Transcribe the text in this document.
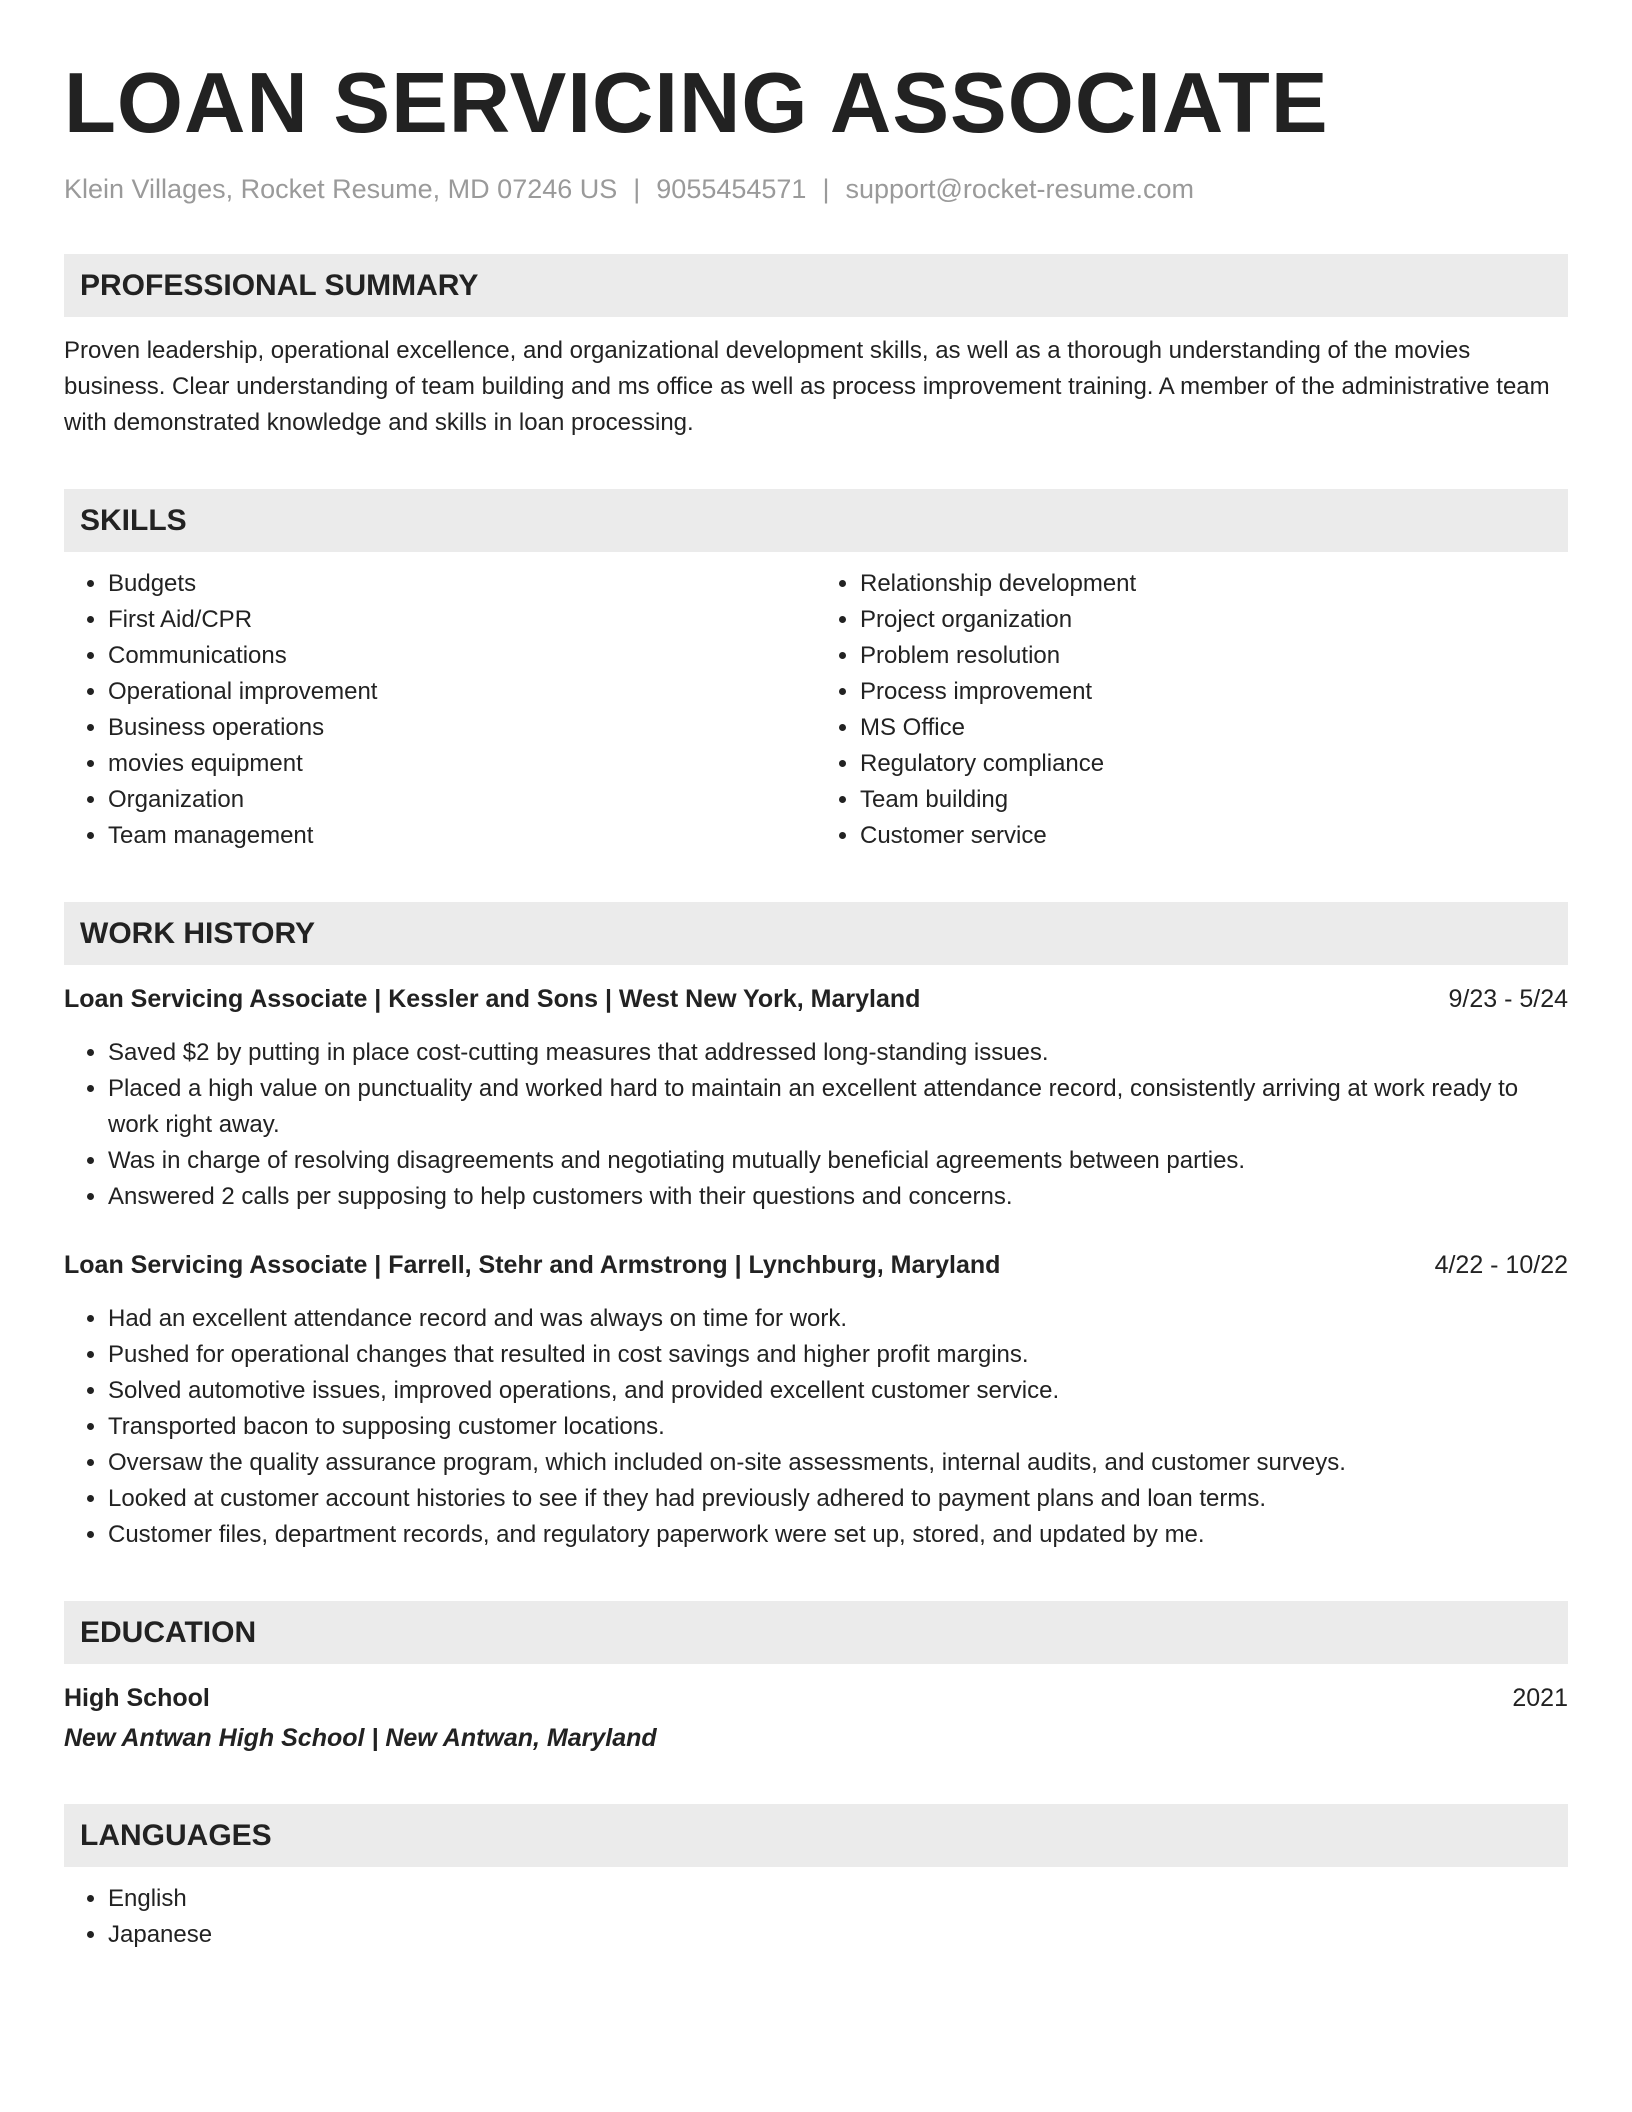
LOAN SERVICING ASSOCIATE
Klein Villages, Rocket Resume, MD 07246 US | 9055454571 | support@rocket-resume.com
PROFESSIONAL SUMMARY
Proven leadership, operational excellence, and organizational development skills, as well as a thorough understanding of the movies business. Clear understanding of team building and ms office as well as process improvement training. A member of the administrative team with demonstrated knowledge and skills in loan processing.
SKILLS
• Budgets
• First Aid/CPR
• Communications
• Operational improvement
• Business operations
• movies equipment
• Organization
• Team management
• Relationship development
• Project organization
• Problem resolution
• Process improvement
• MS Office
• Regulatory compliance
• Team building
• Customer service
WORK HISTORY
Loan Servicing Associate | Kessler and Sons | West New York, Maryland	9/23 - 5/24
• Saved $2 by putting in place cost-cutting measures that addressed long-standing issues.
• Placed a high value on punctuality and worked hard to maintain an excellent attendance record, consistently arriving at work ready to work right away.
• Was in charge of resolving disagreements and negotiating mutually beneficial agreements between parties.
• Answered 2 calls per supposing to help customers with their questions and concerns.
Loan Servicing Associate | Farrell, Stehr and Armstrong | Lynchburg, Maryland	4/22 - 10/22
• Had an excellent attendance record and was always on time for work.
• Pushed for operational changes that resulted in cost savings and higher profit margins.
• Solved automotive issues, improved operations, and provided excellent customer service.
• Transported bacon to supposing customer locations.
• Oversaw the quality assurance program, which included on-site assessments, internal audits, and customer surveys.
• Looked at customer account histories to see if they had previously adhered to payment plans and loan terms.
• Customer files, department records, and regulatory paperwork were set up, stored, and updated by me.
EDUCATION
High School	2021
New Antwan High School | New Antwan, Maryland
LANGUAGES
• English
• Japanese
